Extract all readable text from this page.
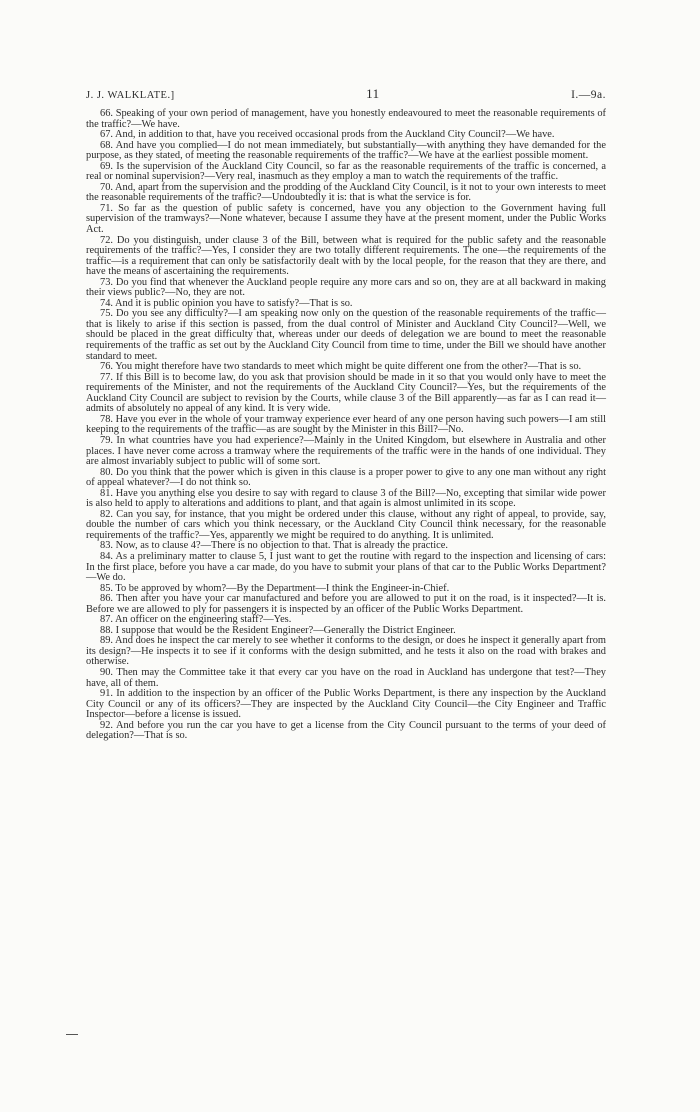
J. J. WALKLATE.]	11	I.—9a.

66. Speaking of your own period of management, have you honestly endeavoured to meet the reasonable requirements of the traffic?—We have.

67. And, in addition to that, have you received occasional prods from the Auckland City Council?—We have.

68. And have you complied—I do not mean immediately, but substantially—with anything they have demanded for the purpose, as they stated, of meeting the reasonable requirements of the traffic?—We have at the earliest possible moment.

69. Is the supervision of the Auckland City Council, so far as the reasonable requirements of the traffic is concerned, a real or nominal supervision?—Very real, inasmuch as they employ a man to watch the requirements of the traffic.

70. And, apart from the supervision and the prodding of the Auckland City Council, is it not to your own interests to meet the reasonable requirements of the traffic?—Undoubtedly it is: that is what the service is for.

71. So far as the question of public safety is concerned, have you any objection to the Government having full supervision of the tramways?—None whatever, because I assume they have at the present moment, under the Public Works Act.

72. Do you distinguish, under clause 3 of the Bill, between what is required for the public safety and the reasonable requirements of the traffic?—Yes, I consider they are two totally different requirements. The one—the requirements of the traffic—is a requirement that can only be satisfactorily dealt with by the local people, for the reason that they are there, and have the means of ascertaining the requirements.

73. Do you find that whenever the Auckland people require any more cars and so on, they are at all backward in making their views public?—No, they are not.

74. And it is public opinion you have to satisfy?—That is so.

75. Do you see any difficulty?—I am speaking now only on the question of the reasonable requirements of the traffic—that is likely to arise if this section is passed, from the dual control of Minister and Auckland City Council?—Well, we should be placed in the great difficulty that, whereas under our deeds of delegation we are bound to meet the reasonable requirements of the traffic as set out by the Auckland City Council from time to time, under the Bill we should have another standard to meet.

76. You might therefore have two standards to meet which might be quite different one from the other?—That is so.

77. If this Bill is to become law, do you ask that provision should be made in it so that you would only have to meet the requirements of the Minister, and not the requirements of the Auckland City Council?—Yes, but the requirements of the Auckland City Council are subject to revision by the Courts, while clause 3 of the Bill apparently—as far as I can read it—admits of absolutely no appeal of any kind. It is very wide.

78. Have you ever in the whole of your tramway experience ever heard of any one person having such powers—I am still keeping to the requirements of the traffic—as are sought by the Minister in this Bill?—No.

79. In what countries have you had experience?—Mainly in the United Kingdom, but elsewhere in Australia and other places. I have never come across a tramway where the requirements of the traffic were in the hands of one individual. They are almost invariably subject to public will of some sort.

80. Do you think that the power which is given in this clause is a proper power to give to any one man without any right of appeal whatever?—I do not think so.

81. Have you anything else you desire to say with regard to clause 3 of the Bill?—No, excepting that similar wide power is also held to apply to alterations and additions to plant, and that again is almost unlimited in its scope.

82. Can you say, for instance, that you might be ordered under this clause, without any right of appeal, to provide, say, double the number of cars which you think necessary, or the Auckland City Council think necessary, for the reasonable requirements of the traffic?—Yes, apparently we might be required to do anything. It is unlimited.

83. Now, as to clause 4?—There is no objection to that. That is already the practice.

84. As a preliminary matter to clause 5, I just want to get the routine with regard to the inspection and licensing of cars: In the first place, before you have a car made, do you have to submit your plans of that car to the Public Works Department?—We do.

85. To be approved by whom?—By the Department—I think the Engineer-in-Chief.

86. Then after you have your car manufactured and before you are allowed to put it on the road, is it inspected?—It is. Before we are allowed to ply for passengers it is inspected by an officer of the Public Works Department.

87. An officer on the engineering staff?—Yes.

88. I suppose that would be the Resident Engineer?—Generally the District Engineer.

89. And does he inspect the car merely to see whether it conforms to the design, or does he inspect it generally apart from its design?—He inspects it to see if it conforms with the design submitted, and he tests it also on the road with brakes and otherwise.

90. Then may the Committee take it that every car you have on the road in Auckland has undergone that test?—They have, all of them.

91. In addition to the inspection by an officer of the Public Works Department, is there any inspection by the Auckland City Council or any of its officers?—They are inspected by the Auckland City Council—the City Engineer and Traffic Inspector—before a license is issued.

92. And before you run the car you have to get a license from the City Council pursuant to the terms of your deed of delegation?—That is so.
